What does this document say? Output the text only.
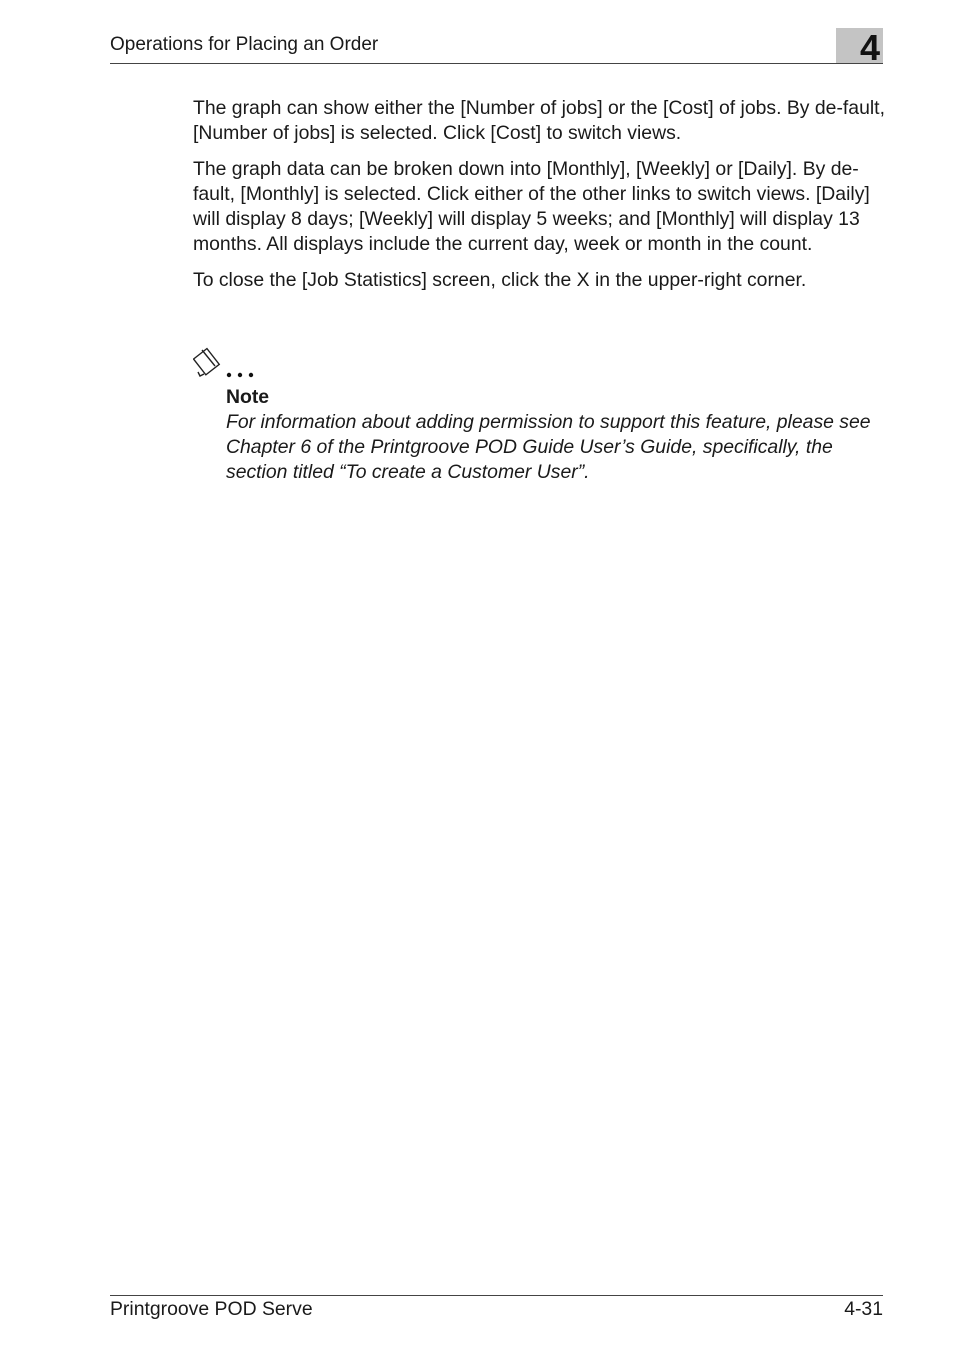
Operations for Placing an Order	4

The graph can show either the [Number of jobs] or the [Cost] of jobs. By de-fault, [Number of jobs] is selected. Click [Cost] to switch views.

The graph data can be broken down into [Monthly], [Weekly] or [Daily]. By de-fault, [Monthly] is selected. Click either of the other links to switch views. [Daily] will display 8 days; [Weekly] will display 5 weeks; and [Monthly] will display 13 months. All displays include the current day, week or month in the count.

To close the [Job Statistics] screen, click the X in the upper-right corner.

Note
For information about adding permission to support this feature, please see Chapter 6 of the Printgroove POD Guide User’s Guide, specifically, the section titled “To create a Customer User”.
Printgroove POD Serve	4-31
